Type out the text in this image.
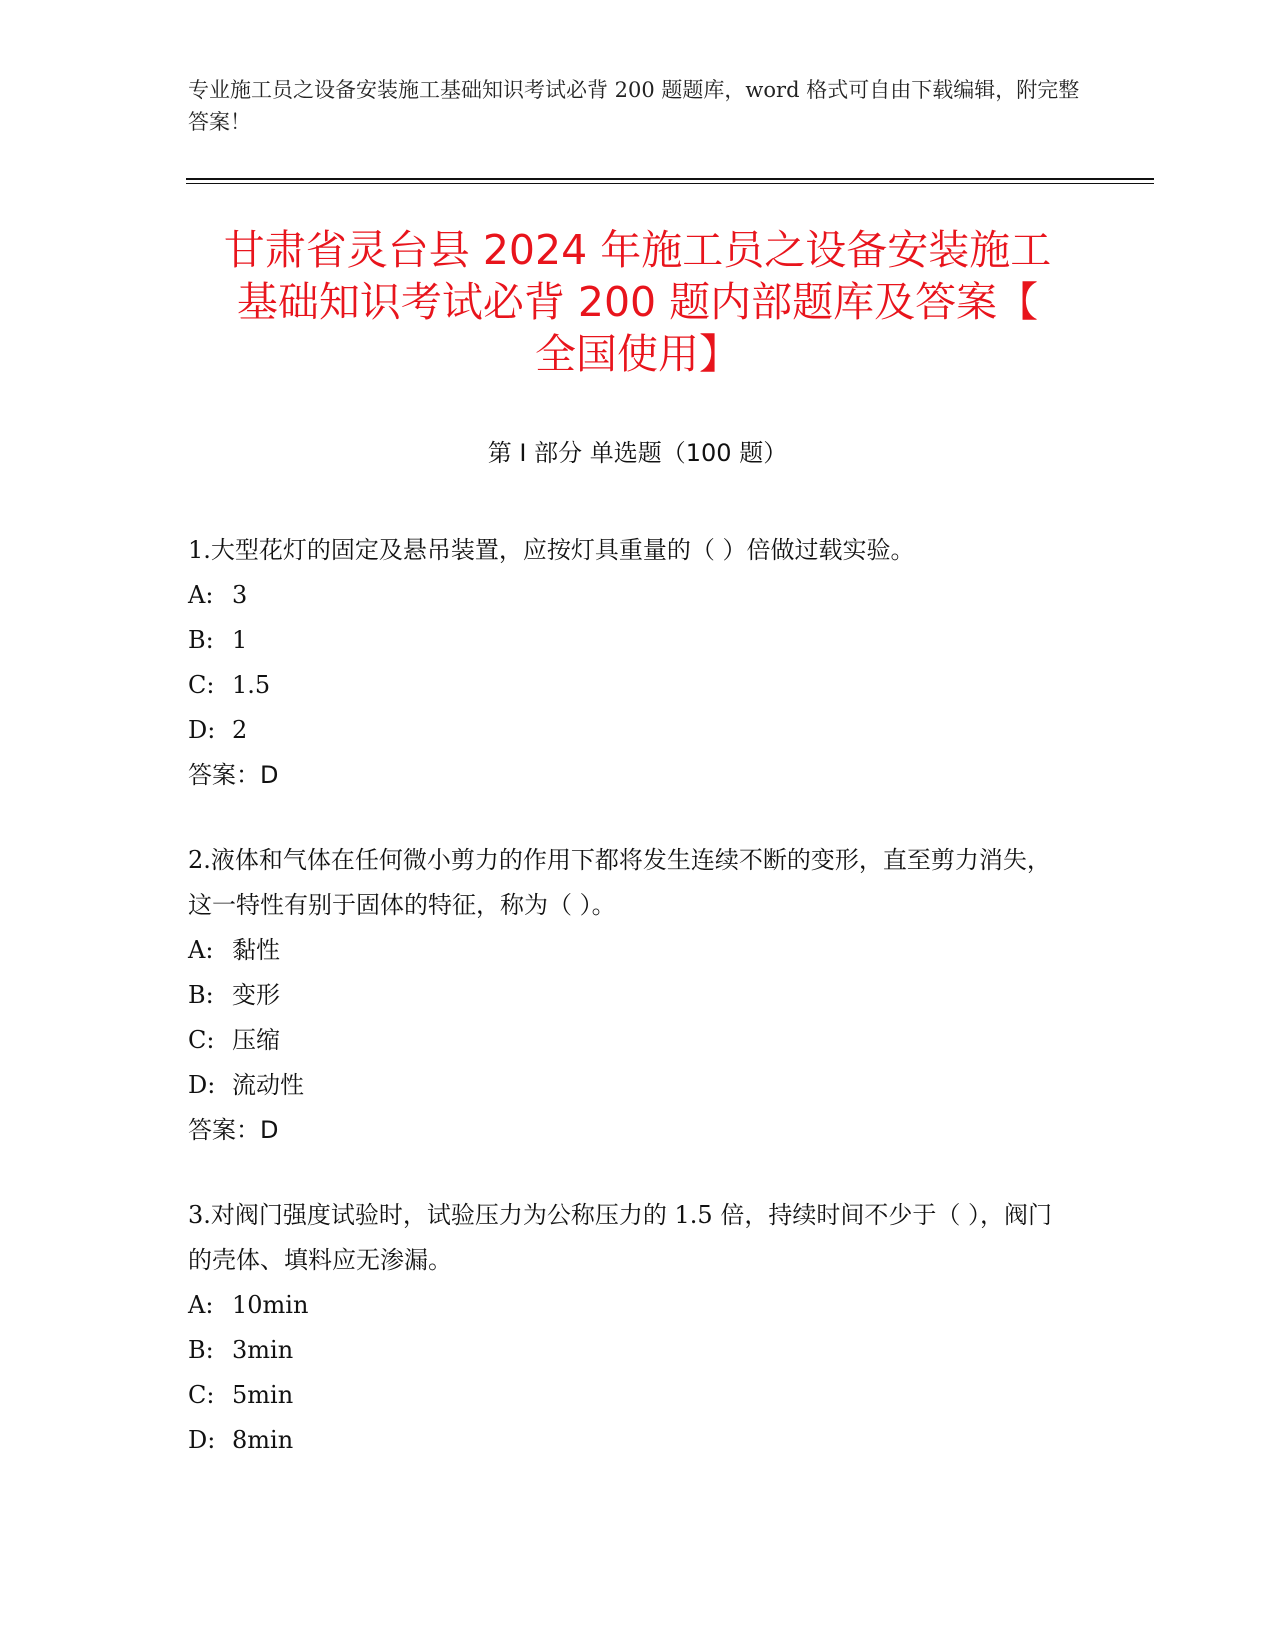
专业施工员之设备安装施工基础知识考试必背 200 题题库，word 格式可自由下载编辑，附完整答案！
甘肃省灵台县 2024 年施工员之设备安装施工
基础知识考试必背 200 题内部题库及答案【
全国使用】
第 I 部分 单选题（100 题）
1.大型花灯的固定及悬吊装置，应按灯具重量的（ ）倍做过载实验。
A: 3
B: 1
C: 1.5
D: 2
答案：D
2.液体和气体在任何微小剪力的作用下都将发生连续不断的变形，直至剪力消失，这一特性有别于固体的特征，称为（ ）。
A: 黏性
B: 变形
C: 压缩
D: 流动性
答案：D
3.对阀门强度试验时，试验压力为公称压力的 1.5 倍，持续时间不少于（ ），阀门的壳体、填料应无渗漏。
A: 10min
B: 3min
C: 5min
D: 8min
